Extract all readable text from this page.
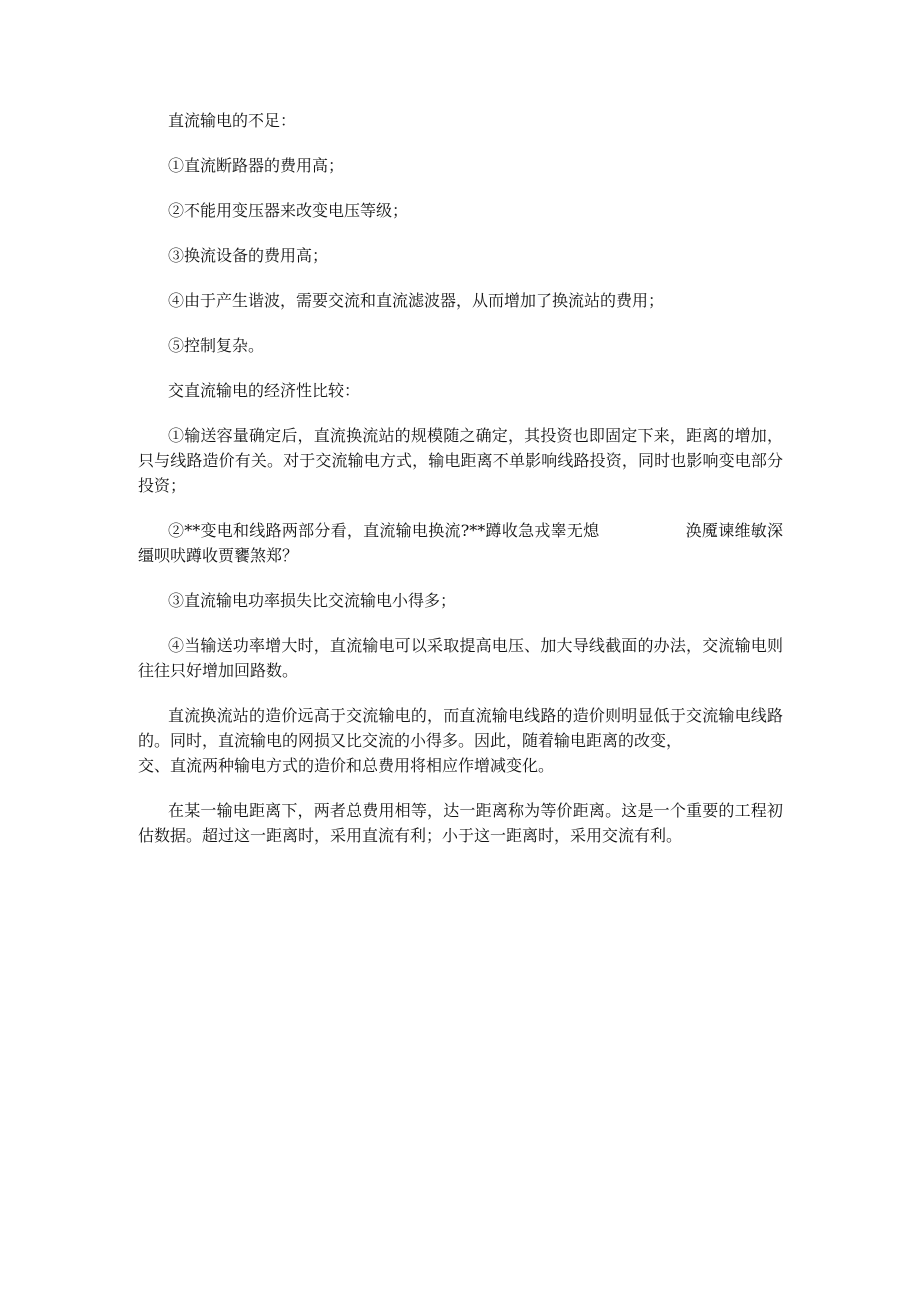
直流输电的不足：

①直流断路器的费用高；

②不能用变压器来改变电压等级；

③换流设备的费用高；

④由于产生谐波，需要交流和直流滤波器，从而增加了换流站的费用；

⑤控制复杂。

交直流输电的经济性比较：

①输送容量确定后，直流换流站的规模随之确定，其投资也即固定下来，距离的增加，只与线路造价有关。对于交流输电方式，输电距离不单影响线路投资，同时也影响变电部分投资；

②**变电和线路两部分看，直流输电换流?**蹲收急戎睾无熄	涣魇谏维敏深缰呗吠蹲收贾饔煞郑？

③直流输电功率损失比交流输电小得多；

④当输送功率增大时，直流输电可以采取提高电压、加大导线截面的办法，交流输电则往往只好增加回路数。

直流换流站的造价远高于交流输电的，而直流输电线路的造价则明显低于交流输电线路的。同时，直流输电的网损又比交流的小得多。因此，随着输电距离的改变，

交、直流两种输电方式的造价和总费用将相应作增减变化。

在某一输电距离下，两者总费用相等，达一距离称为等价距离。这是一个重要的工程初估数据。超过这一距离时，采用直流有利；小于这一距离时，采用交流有利。
